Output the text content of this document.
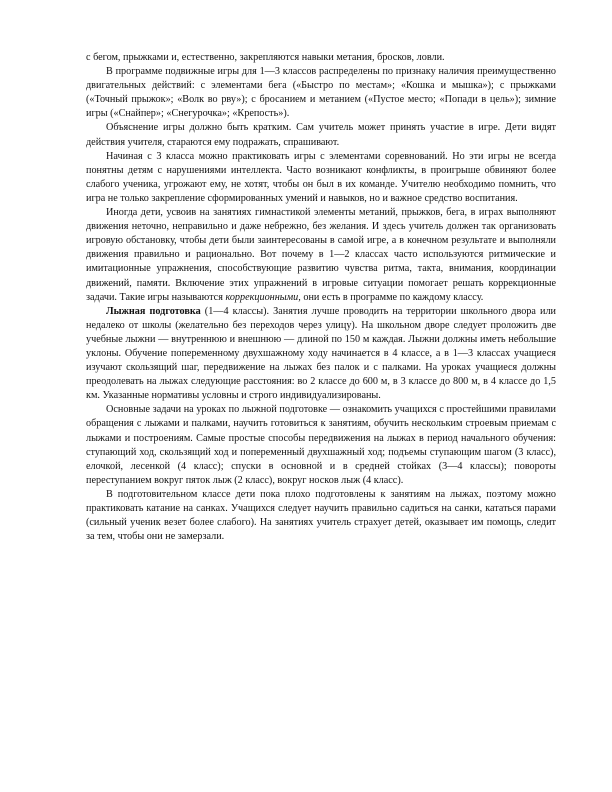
с бегом, прыжками и, естественно, закрепляются навыки метания, бросков, ловли.

В программе подвижные игры для 1—3 классов распределены по признаку наличия преимущественно двигательных действий: с элементами бега («Быстро по местам»; «Кошка и мышка»); с прыжками («Точный прыжок»; «Волк во рву»); с бросанием и метанием («Пустое место; «Попади в цель»); зимние игры («Снайпер»; «Снегурочка»; «Крепость»).

Объяснение игры должно быть кратким. Сам учитель может принять участие в игре. Дети видят действия учителя, стараются ему подражать, спрашивают.

Начиная с 3 класса можно практиковать игры с элементами соревнований. Но эти игры не всегда понятны детям с нарушениями интеллекта. Часто возникают конфликты, в проигрыше обвиняют более слабого ученика, угрожают ему, не хотят, чтобы он был в их команде. Учителю необходимо помнить, что игра не только закрепление сформированных умений и навыков, но и важное средство воспитания.

Иногда дети, усвоив на занятиях гимнастикой элементы метаний, прыжков, бега, в играх выполняют движения неточно, неправильно и даже небрежно, без желания. И здесь учитель должен так организовать игровую обстановку, чтобы дети были заинтересованы в самой игре, а в конечном результате и выполняли движения правильно и рационально. Вот почему в 1—2 классах часто используются ритмические и имитационные упражнения, способствующие развитию чувства ритма, такта, внимания, координации движений, памяти. Включение этих упражнений в игровые ситуации помогает решать коррекционные задачи. Такие игры называются коррекционными, они есть в программе по каждому классу.

Лыжная подготовка (1—4 классы). Занятия лучше проводить на территории школьного двора или недалеко от школы (желательно без переходов через улицу). На школьном дворе следует проложить две учебные лыжни — внутреннюю и внешнюю — длиной по 150 м каждая. Лыжни должны иметь небольшие уклоны. Обучение попеременному двухшажному ходу начинается в 4 классе, а в 1—3 классах учащиеся изучают скользящий шаг, передвижение на лыжах без палок и с палками. На уроках учащиеся должны преодолевать на лыжах следующие расстояния: во 2 классе до 600 м, в 3 классе до 800 м, в 4 классе до 1,5 км. Указанные нормативы условны и строго индивидуализированы.

Основные задачи на уроках по лыжной подготовке — ознакомить учащихся с простейшими правилами обращения с лыжами и палками, научить готовиться к занятиям, обучить нескольким строевым приемам с лыжами и построениям. Самые простые способы передвижения на лыжах в период начального обучения: ступающий ход, скользящий ход и попеременный двухшажный ход; подъемы ступающим шагом (3 класс), елочкой, лесенкой (4 класс); спуски в основной и в средней стойках (3—4 классы); повороты переступанием вокруг пяток лыж (2 класс), вокруг носков лыж (4 класс).

В подготовительном классе дети пока плохо подготовлены к занятиям на лыжах, поэтому можно практиковать катание на санках. Учащихся следует научить правильно садиться на санки, кататься парами (сильный ученик везет более слабого). На занятиях учитель страхует детей, оказывает им помощь, следит за тем, чтобы они не замерзали.
